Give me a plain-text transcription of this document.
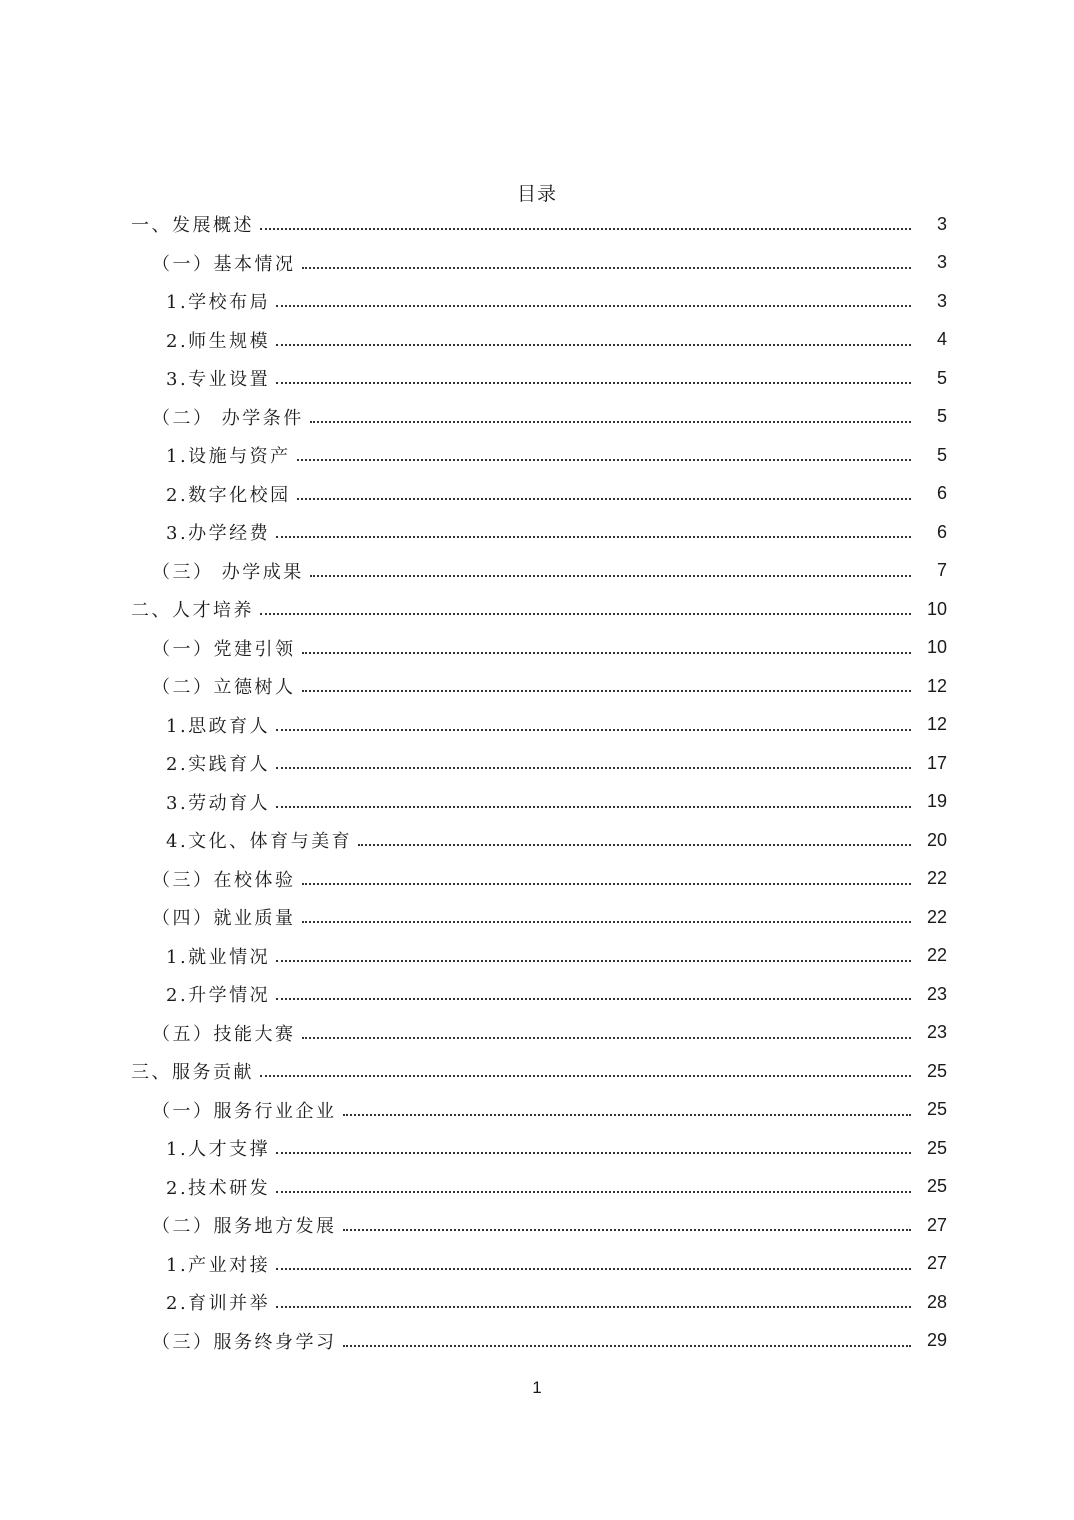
目录
一、发展概述	3
（一）基本情况	3
1.学校布局	3
2.师生规模	4
3.专业设置	5
（二） 办学条件	5
1.设施与资产	5
2.数字化校园	6
3.办学经费	6
（三） 办学成果	7
二、人才培养	10
（一）党建引领	10
（二）立德树人	12
1.思政育人	12
2.实践育人	17
3.劳动育人	19
4.文化、体育与美育	20
（三）在校体验	22
（四）就业质量	22
1.就业情况	22
2.升学情况	23
（五）技能大赛	23
三、服务贡献	25
（一）服务行业企业	25
1.人才支撑	25
2.技术研发	25
（二）服务地方发展	27
1.产业对接	27
2.育训并举	28
（三）服务终身学习	29
1
